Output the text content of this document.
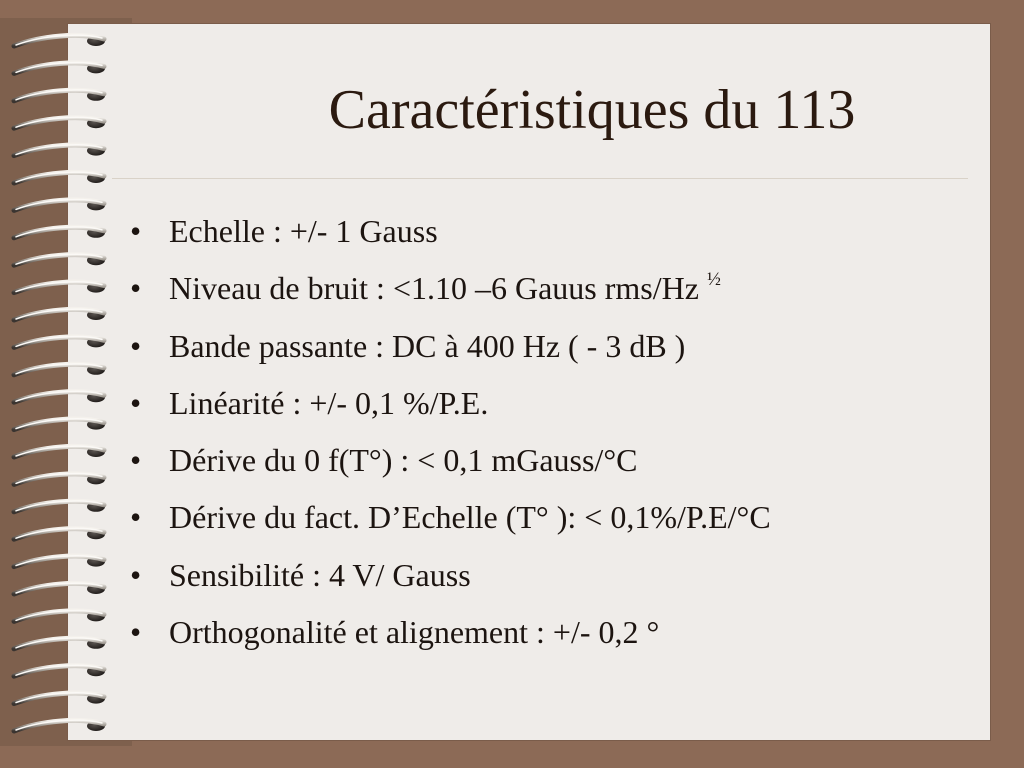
Caractéristiques du 113
• Echelle : +/- 1 Gauss
• Niveau de bruit : <1.10 –6 Gauus rms/Hz $^{\frac{1}{2}}$
• Bande passante : DC à 400 Hz ( - 3 dB )
• Linéarité : +/- 0,1 %/P.E.
• Dérive du 0 f(T°) : < 0,1 mGauss/°C
• Dérive du fact. D’Echelle (T° ): < 0,1%/P.E/°C
• Sensibilité : 4 V/ Gauss
• Orthogonalité et alignement : +/- 0,2 °
